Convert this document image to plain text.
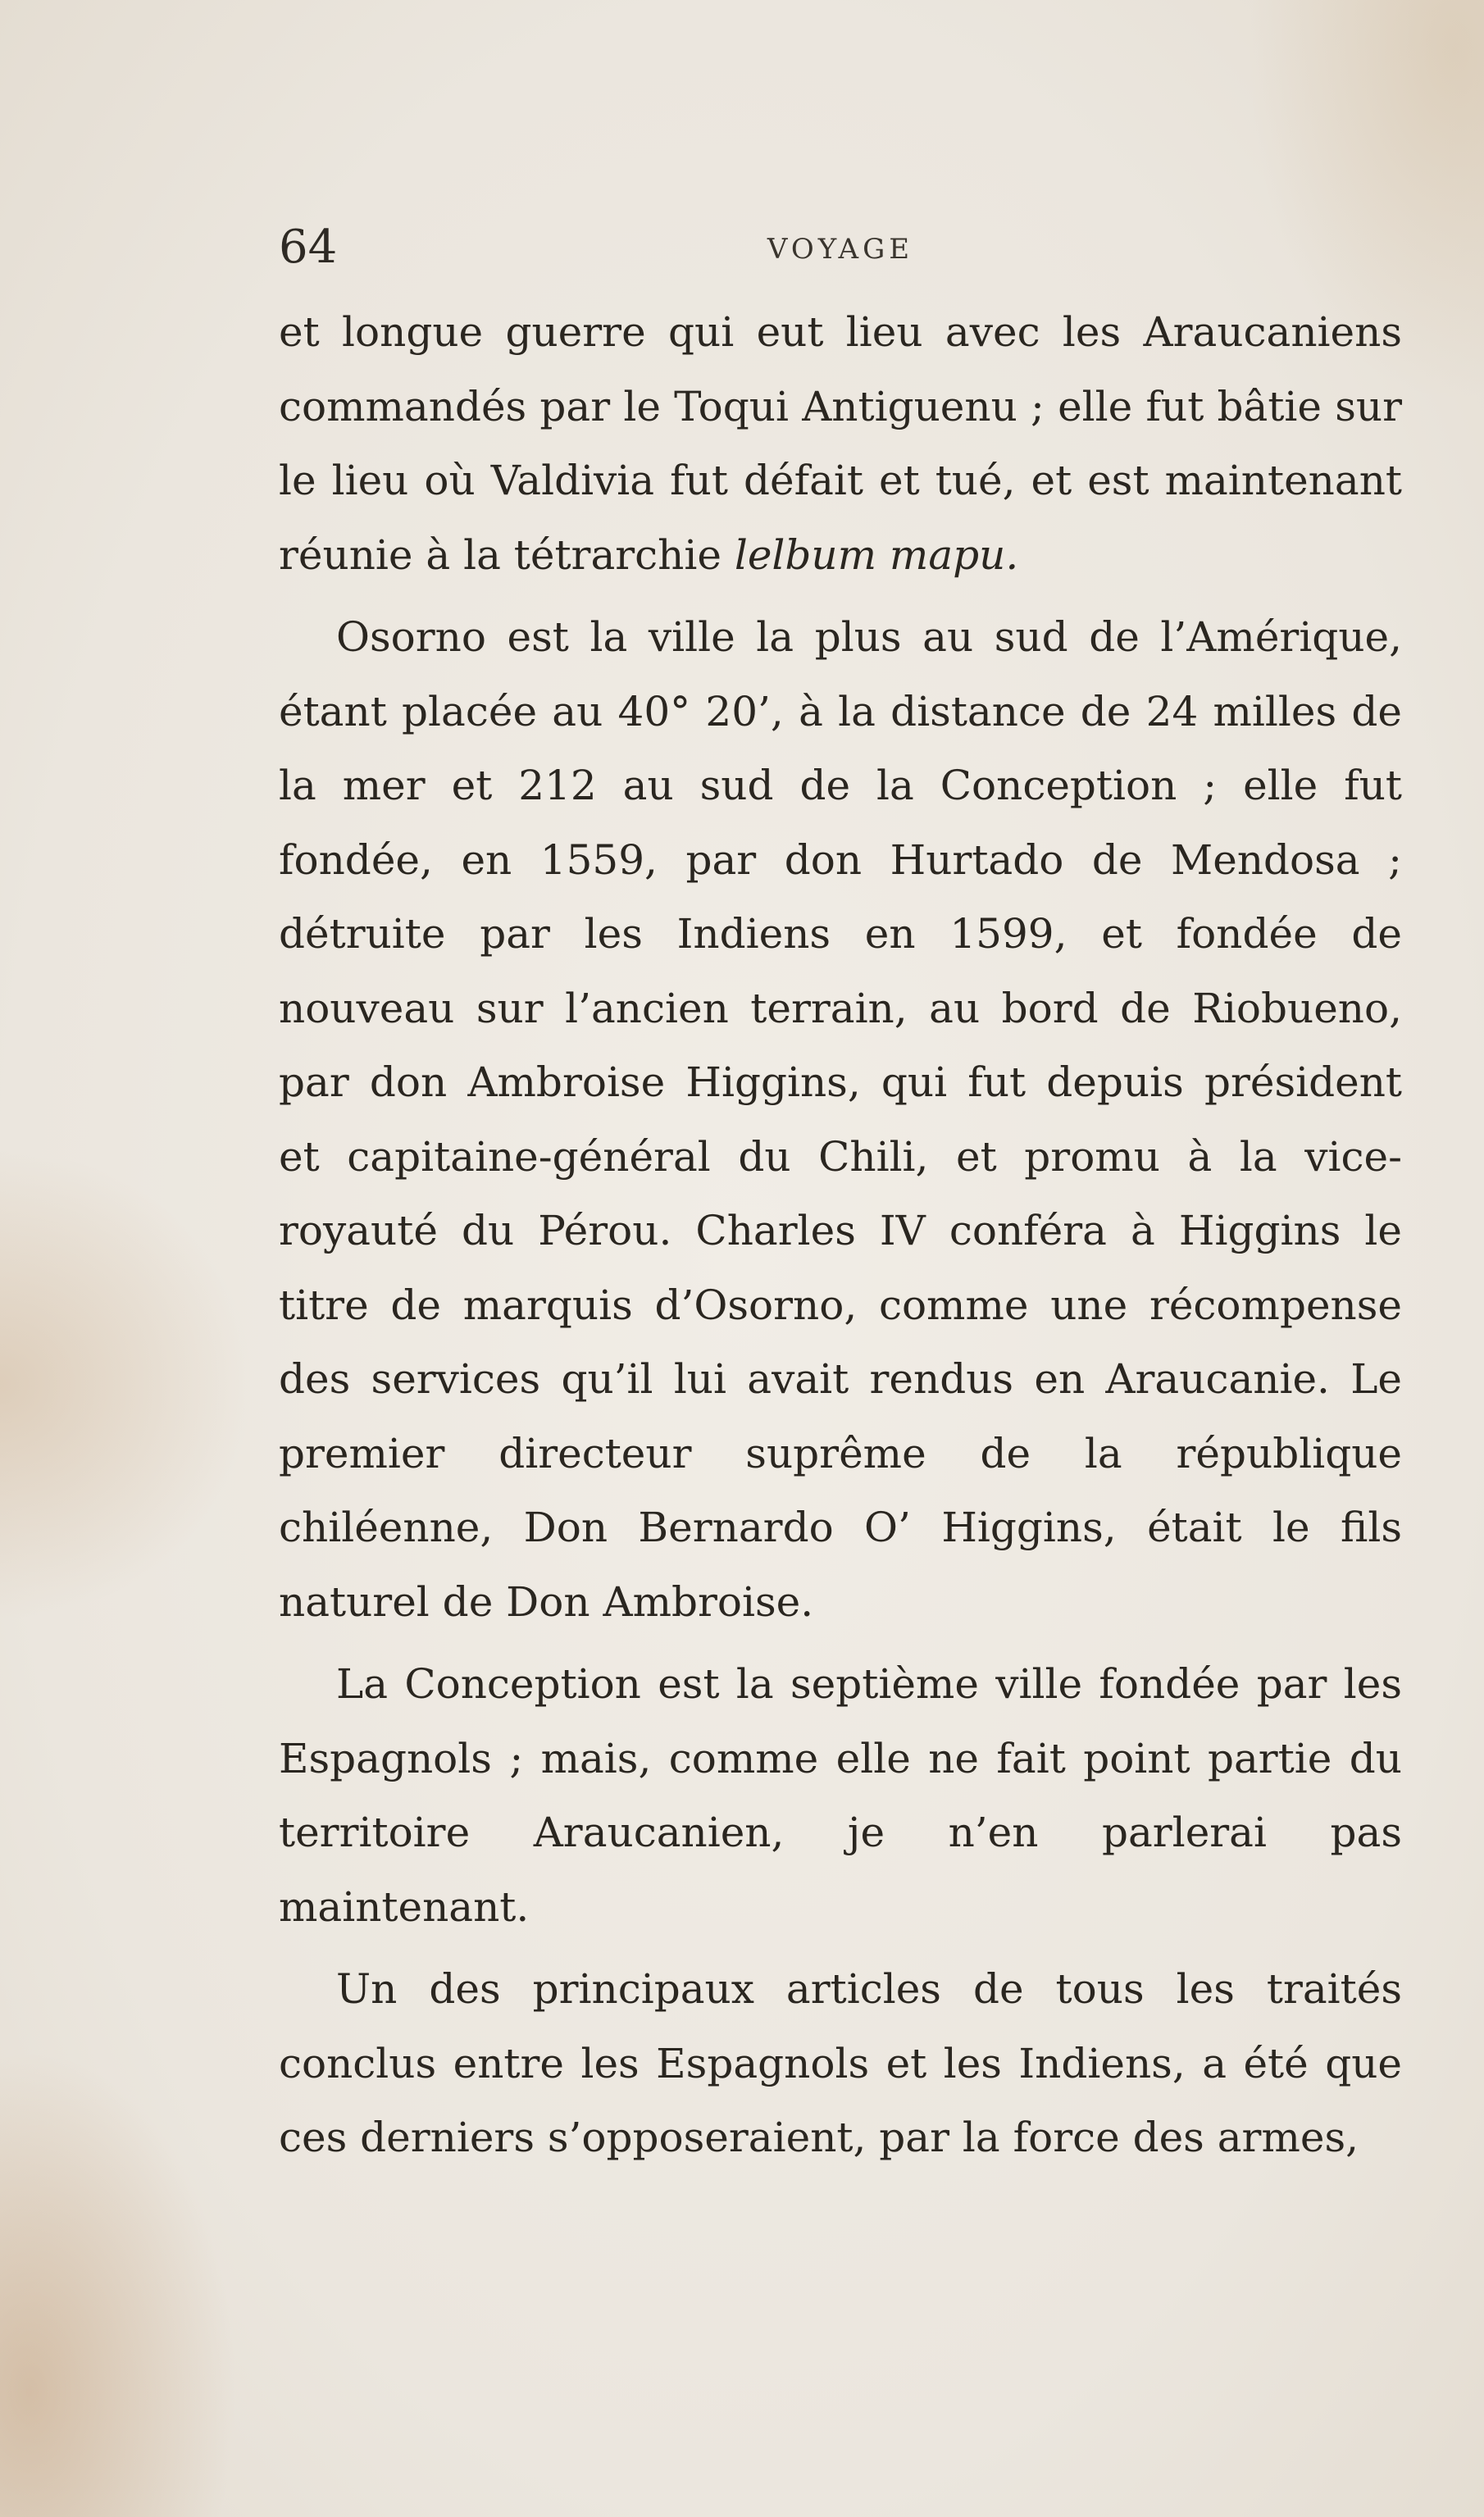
64	VOYAGE

et longue guerre qui eut lieu avec les Araucaniens commandés par le Toqui Antiguenu ; elle fut bâtie sur le lieu où Valdivia fut défait et tué, et est maintenant réunie à la tétrarchie lelbum mapu.

Osorno est la ville la plus au sud de l’Amérique, étant placée au 40° 20’, à la distance de 24 milles de la mer et 212 au sud de la Conception ; elle fut fondée, en 1559, par don Hurtado de Mendosa ; détruite par les Indiens en 1599, et fondée de nouveau sur l’ancien terrain, au bord de Riobueno, par don Ambroise Higgins, qui fut depuis président et capitaine-général du Chili, et promu à la vice-royauté du Pérou. Charles IV conféra à Higgins le titre de marquis d’Osorno, comme une récompense des services qu’il lui avait rendus en Araucanie. Le premier directeur suprême de la république chiléenne, Don Bernardo O’ Higgins, était le fils naturel de Don Ambroise.

La Conception est la septième ville fondée par les Espagnols ; mais, comme elle ne fait point partie du territoire Araucanien, je n’en parlerai pas maintenant.

Un des principaux articles de tous les traités conclus entre les Espagnols et les Indiens, a été que ces derniers s’opposeraient, par la force des armes,
